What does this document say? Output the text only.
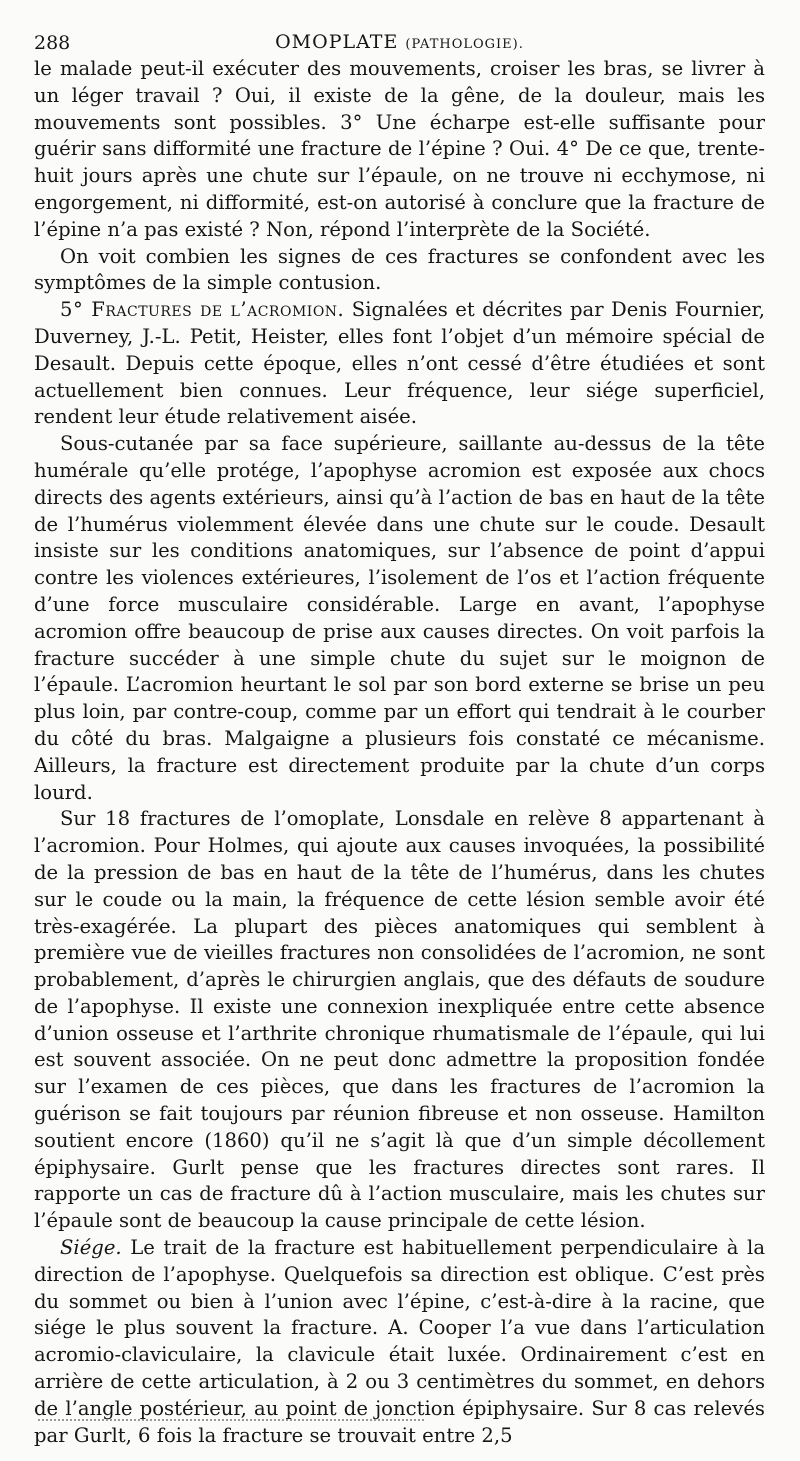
288	OMOPLATE (PATHOLOGIE).

le malade peut-il exécuter des mouvements, croiser les bras, se livrer à un léger travail ? Oui, il existe de la gêne, de la douleur, mais les mouvements sont possibles. 3° Une écharpe est-elle suffisante pour guérir sans difformité une fracture de l’épine ? Oui. 4° De ce que, trente-huit jours après une chute sur l’épaule, on ne trouve ni ecchymose, ni engorgement, ni difformité, est-on autorisé à conclure que la fracture de l’épine n’a pas existé ? Non, répond l’interprète de la Société.

On voit combien les signes de ces fractures se confondent avec les symptômes de la simple contusion.

5° Fractures de l’acromion. Signalées et décrites par Denis Fournier, Duverney, J.-L. Petit, Heister, elles font l’objet d’un mémoire spécial de Desault. Depuis cette époque, elles n’ont cessé d’être étudiées et sont actuellement bien connues. Leur fréquence, leur siége superficiel, rendent leur étude relativement aisée.

Sous-cutanée par sa face supérieure, saillante au-dessus de la tête humérale qu’elle protége, l’apophyse acromion est exposée aux chocs directs des agents extérieurs, ainsi qu’à l’action de bas en haut de la tête de l’humérus violemment élevée dans une chute sur le coude. Desault insiste sur les conditions anatomiques, sur l’absence de point d’appui contre les violences extérieures, l’isolement de l’os et l’action fréquente d’une force musculaire considérable. Large en avant, l’apophyse acromion offre beaucoup de prise aux causes directes. On voit parfois la fracture succéder à une simple chute du sujet sur le moignon de l’épaule. L’acromion heurtant le sol par son bord externe se brise un peu plus loin, par contre-coup, comme par un effort qui tendrait à le courber du côté du bras. Malgaigne a plusieurs fois constaté ce mécanisme. Ailleurs, la fracture est directement produite par la chute d’un corps lourd.

Sur 18 fractures de l’omoplate, Lonsdale en relève 8 appartenant à l’acromion. Pour Holmes, qui ajoute aux causes invoquées, la possibilité de la pression de bas en haut de la tête de l’humérus, dans les chutes sur le coude ou la main, la fréquence de cette lésion semble avoir été très-exagérée. La plupart des pièces anatomiques qui semblent à première vue de vieilles fractures non consolidées de l’acromion, ne sont probablement, d’après le chirurgien anglais, que des défauts de soudure de l’apophyse. Il existe une connexion inexpliquée entre cette absence d’union osseuse et l’arthrite chronique rhumatismale de l’épaule, qui lui est souvent associée. On ne peut donc admettre la proposition fondée sur l’examen de ces pièces, que dans les fractures de l’acromion la guérison se fait toujours par réunion fibreuse et non osseuse. Hamilton soutient encore (1860) qu’il ne s’agit là que d’un simple décollement épiphysaire. Gurlt pense que les fractures directes sont rares. Il rapporte un cas de fracture dû à l’action musculaire, mais les chutes sur l’épaule sont de beaucoup la cause principale de cette lésion.

Siége. Le trait de la fracture est habituellement perpendiculaire à la direction de l’apophyse. Quelquefois sa direction est oblique. C’est près du sommet ou bien à l’union avec l’épine, c’est-à-dire à la racine, que siége le plus souvent la fracture. A. Cooper l’a vue dans l’articulation acromio-claviculaire, la clavicule était luxée. Ordinairement c’est en arrière de cette articulation, à 2 ou 3 centimètres du sommet, en dehors de l’angle postérieur, au point de jonction épiphysaire. Sur 8 cas relevés par Gurlt, 6 fois la fracture se trouvait entre 2,5
